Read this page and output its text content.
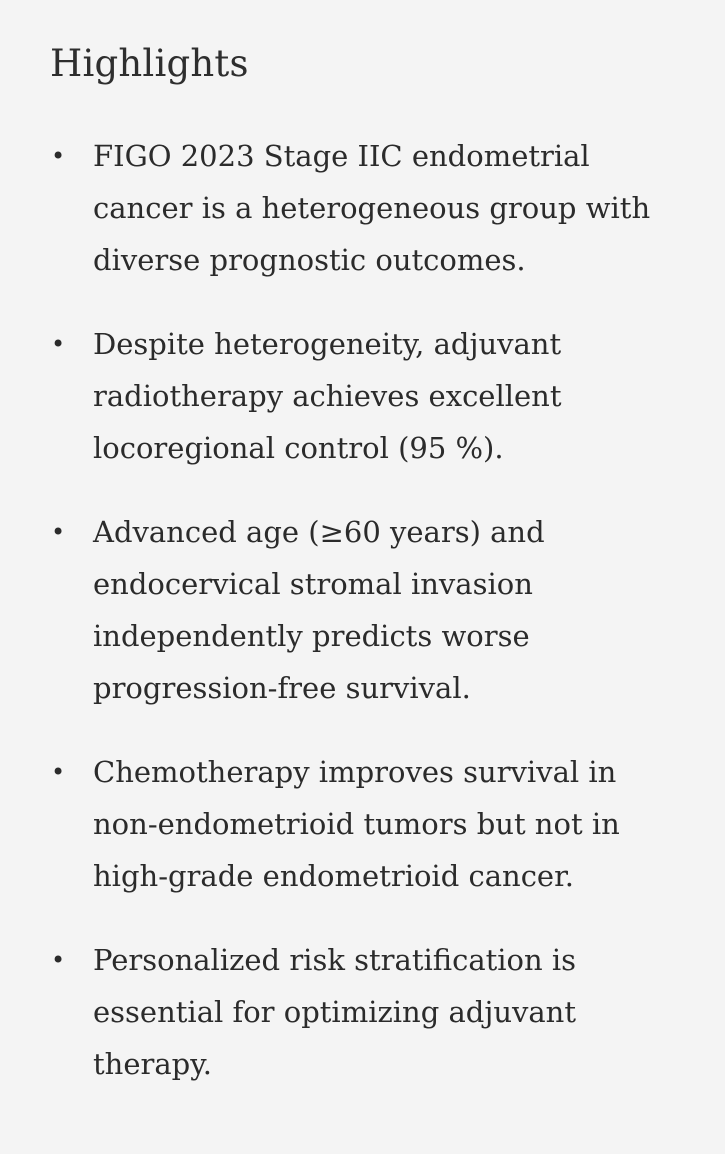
Highlights
• FIGO 2023 Stage IIC endometrial cancer is a heterogeneous group with diverse prognostic outcomes.
• Despite heterogeneity, adjuvant radiotherapy achieves excellent locoregional control (95 %).
• Advanced age (≥60 years) and endocervical stromal invasion independently predicts worse progression-free survival.
• Chemotherapy improves survival in non-endometrioid tumors but not in high-grade endometrioid cancer.
• Personalized risk stratification is essential for optimizing adjuvant therapy.
